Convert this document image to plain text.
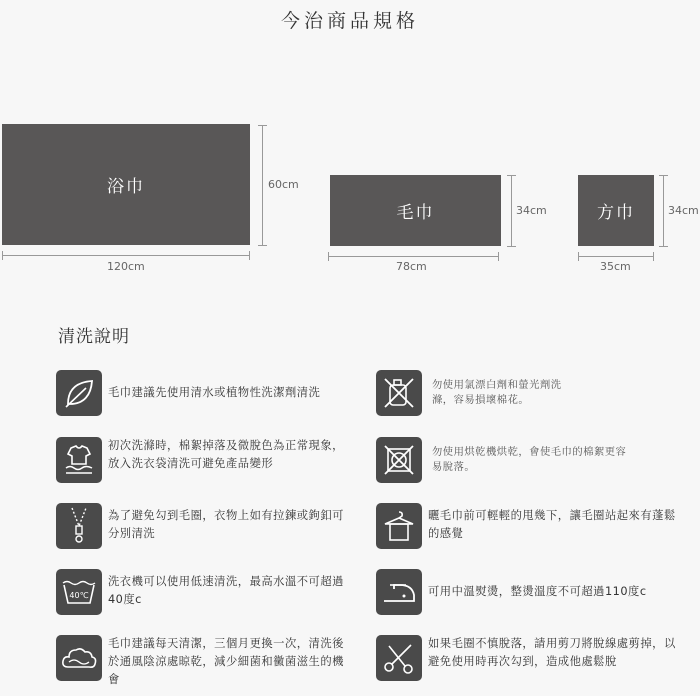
今治商品規格
浴巾	60cm
120cm
毛巾	34cm
78cm
方巾	34cm
35cm
清洗說明
毛巾建議先使用清水或植物性洗潔劑清洗
勿使用氯漂白劑和螢光劑洗滌，容易損壞棉花。
初次洗滌時，棉絮掉落及微脫色為正常現象，放入洗衣袋清洗可避免產品變形
勿使用烘乾機烘乾，會使毛巾的棉絮更容易脫落。
為了避免勾到毛圈，衣物上如有拉鍊或鉤釦可分別清洗
曬毛巾前可輕輕的甩幾下，讓毛圈站起來有蓬鬆的感覺
40℃
洗衣機可以使用低速清洗，最高水溫不可超過40度c
可用中溫熨燙，整燙溫度不可超過110度c
毛巾建議每天清潔，三個月更換一次，清洗後於通風陰涼處晾乾，減少細菌和黴菌滋生的機會
如果毛圈不慎脫落，請用剪刀將脫線處剪掉，以避免使用時再次勾到，造成他處鬆脫
